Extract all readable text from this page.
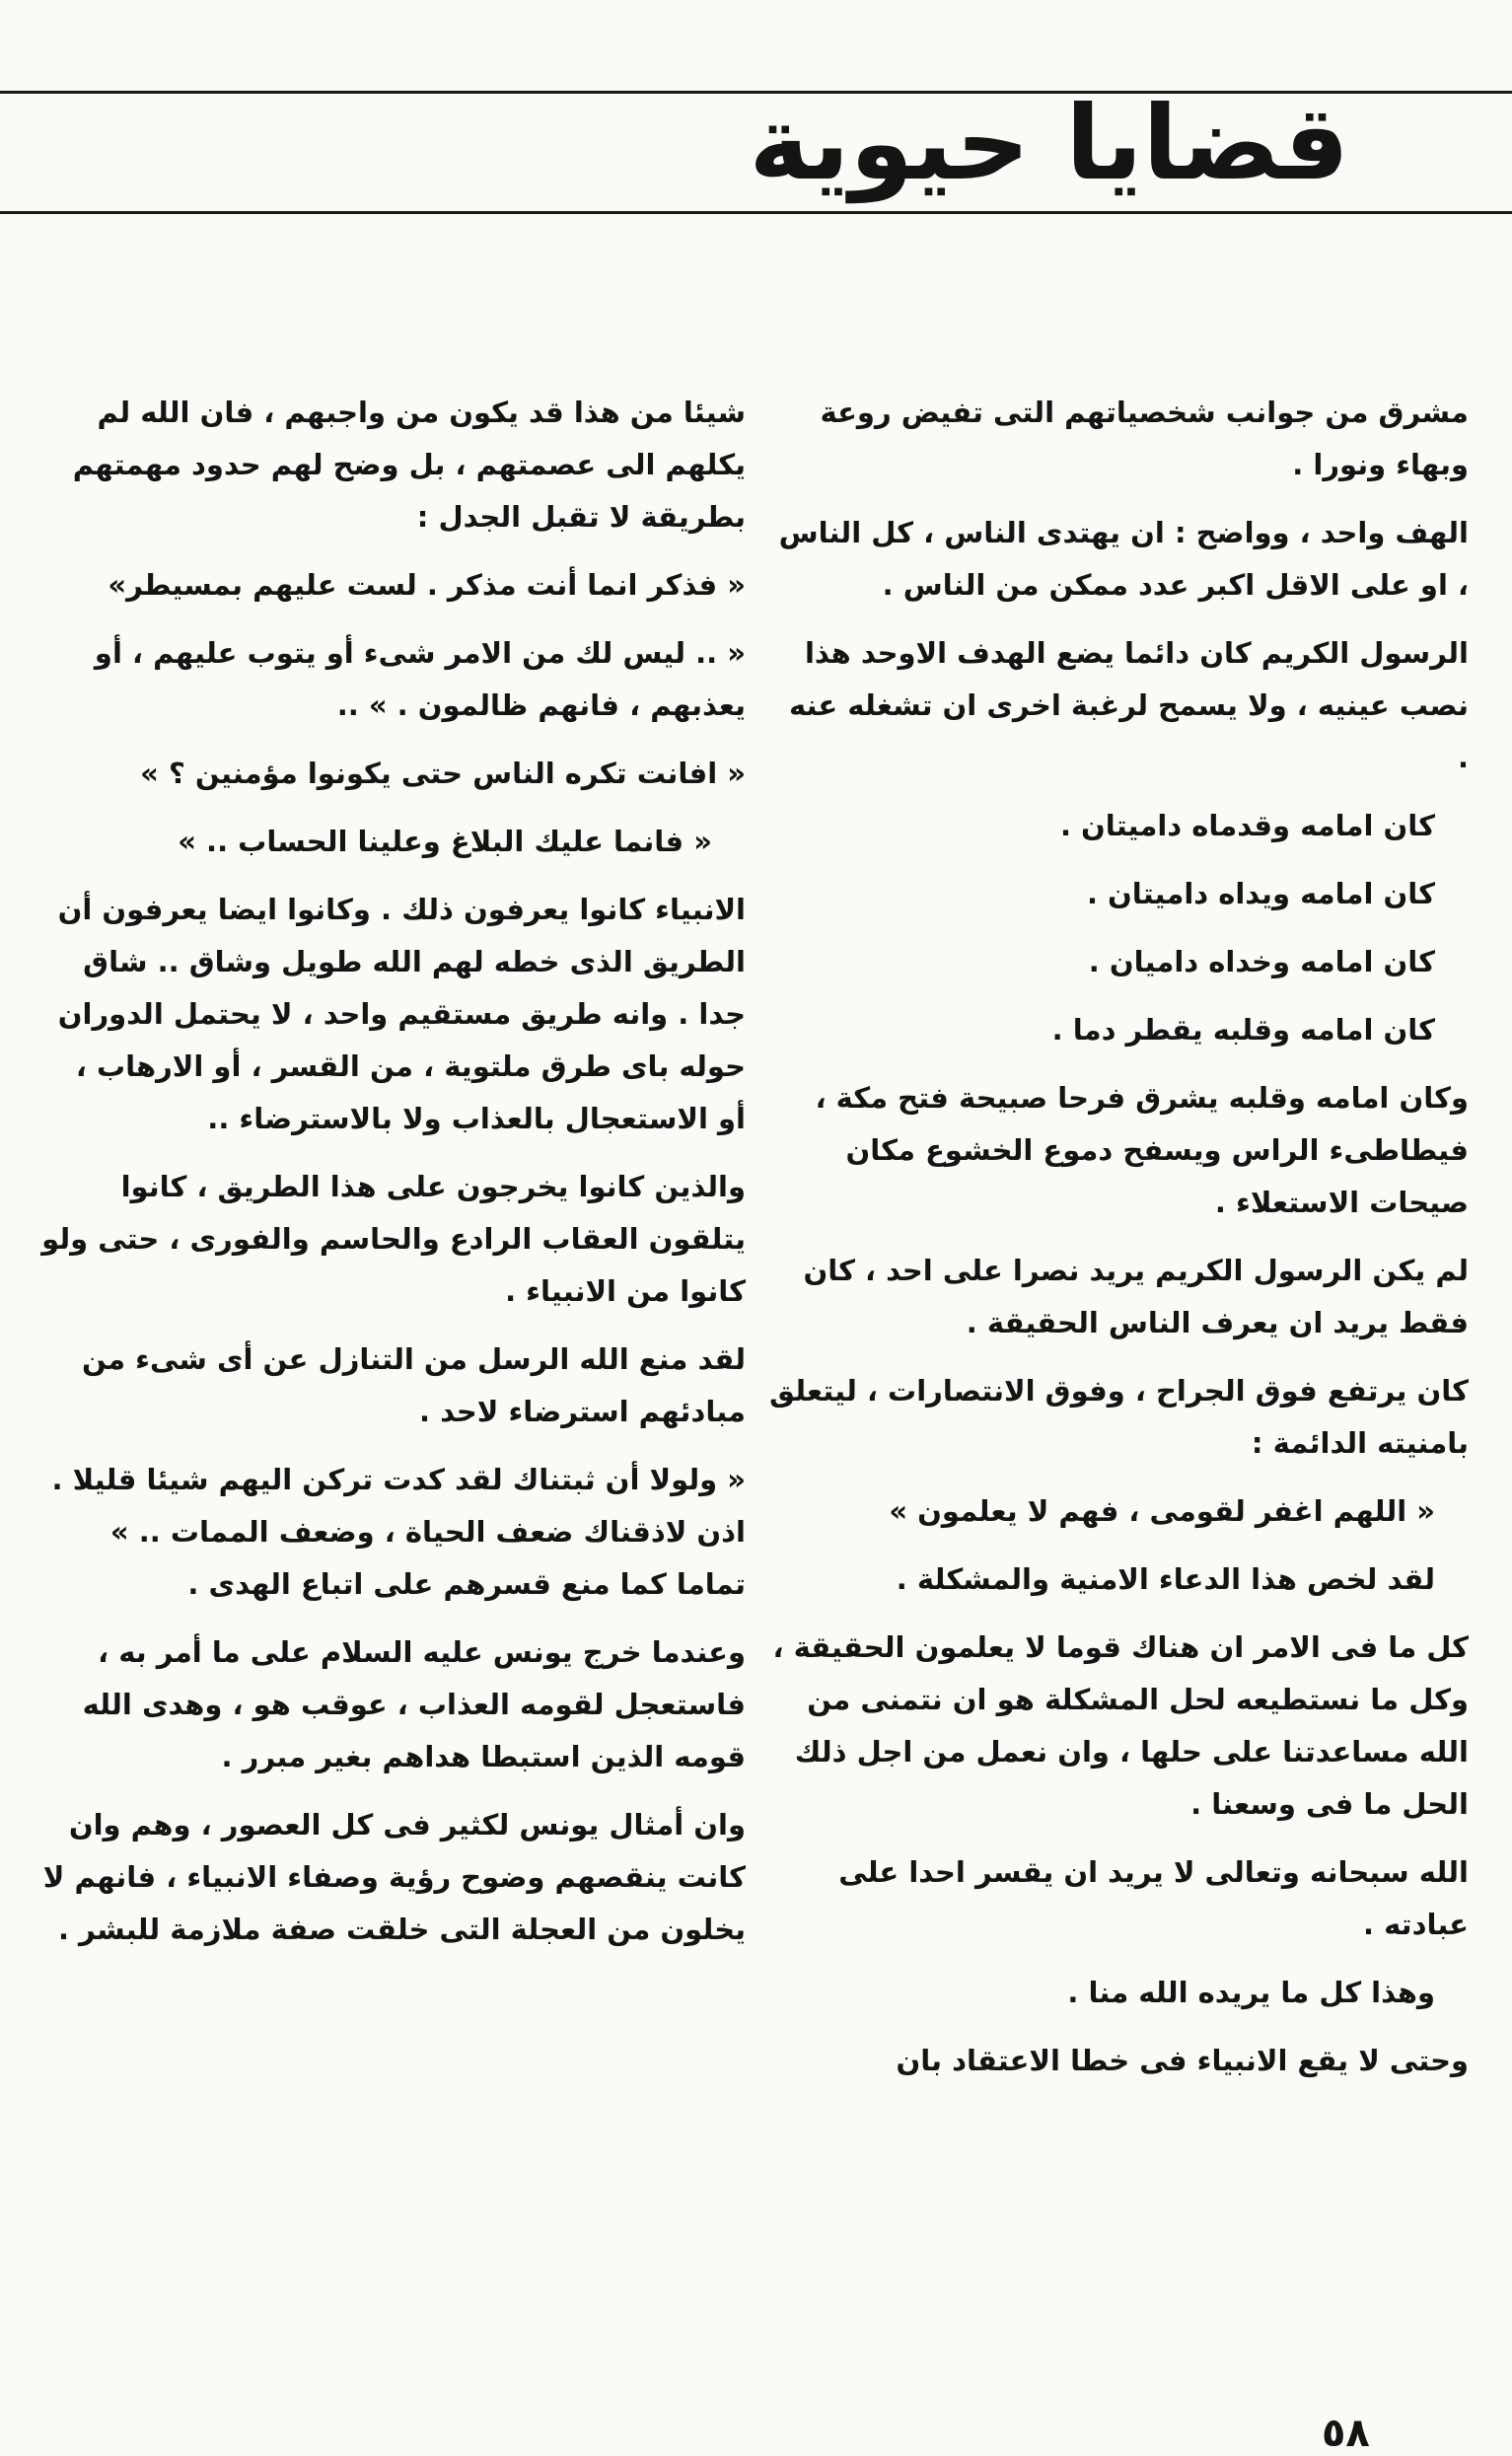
قضايا حيوية

مشرق من جوانب شخصياتهم التى تفيض روعة وبهاء ونورا .

الهف واحد ، وواضح : ان يهتدى الناس ، كل الناس ، او على الاقل اكبر عدد ممكن من الناس .

الرسول الكريم كان دائما يضع الهدف الاوحد هذا نصب عينيه ، ولا يسمح لرغبة اخرى ان تشغله عنه .

كان امامه وقدماه داميتان .

كان امامه ويداه داميتان .

كان امامه وخداه داميان .

كان امامه وقلبه يقطر دما .

وكان امامه وقلبه يشرق فرحا صبيحة فتح مكة ، فيطاطىء الراس ويسفح دموع الخشوع مكان صيحات الاستعلاء .

لم يكن الرسول الكريم يريد نصرا على احد ، كان فقط يريد ان يعرف الناس الحقيقة .

كان يرتفع فوق الجراح ، وفوق الانتصارات ، ليتعلق بامنيته الدائمة :

« اللهم اغفر لقومى ، فهم لا يعلمون »

لقد لخص هذا الدعاء الامنية والمشكلة .

كل ما فى الامر ان هناك قوما لا يعلمون الحقيقة ، وكل ما نستطيعه لحل المشكلة هو ان نتمنى من الله مساعدتنا على حلها ، وان نعمل من اجل ذلك الحل ما فى وسعنا .

الله سبحانه وتعالى لا يريد ان يقسر احدا على عبادته .

وهذا كل ما يريده الله منا .

وحتى لا يقع الانبياء فى خطا الاعتقاد بان

شيئا من هذا قد يكون من واجبهم ، فان الله لم يكلهم الى عصمتهم ، بل وضح لهم حدود مهمتهم بطريقة لا تقبل الجدل :

« فذكر انما أنت مذكر . لست عليهم بمسيطر»

« .. ليس لك من الامر شىء أو يتوب عليهم ، أو يعذبهم ، فانهم ظالمون . » ..

« افانت تكره الناس حتى يكونوا مؤمنين ؟ »

« فانما عليك البلاغ وعلينا الحساب .. »

الانبياء كانوا يعرفون ذلك . وكانوا ايضا يعرفون أن الطريق الذى خطه لهم الله طويل وشاق .. شاق جدا . وانه طريق مستقيم واحد ، لا يحتمل الدوران حوله باى طرق ملتوية ، من القسر ، أو الارهاب ، أو الاستعجال بالعذاب ولا بالاسترضاء ..

والذين كانوا يخرجون على هذا الطريق ، كانوا يتلقون العقاب الرادع والحاسم والفورى ، حتى ولو كانوا من الانبياء .

لقد منع الله الرسل من التنازل عن أى شىء من مبادئهم استرضاء لاحد .

« ولولا أن ثبتناك لقد كدت تركن اليهم شيئا قليلا . اذن لاذقناك ضعف الحياة ، وضعف الممات .. » تماما كما منع قسرهم على اتباع الهدى .

وعندما خرج يونس عليه السلام على ما أمر به ، فاستعجل لقومه العذاب ، عوقب هو ، وهدى الله قومه الذين استبطا هداهم بغير مبرر .

وان أمثال يونس لكثير فى كل العصور ، وهم وان كانت ينقصهم وضوح رؤية وصفاء الانبياء ، فانهم لا يخلون من العجلة التى خلقت صفة ملازمة للبشر .

٥٨
